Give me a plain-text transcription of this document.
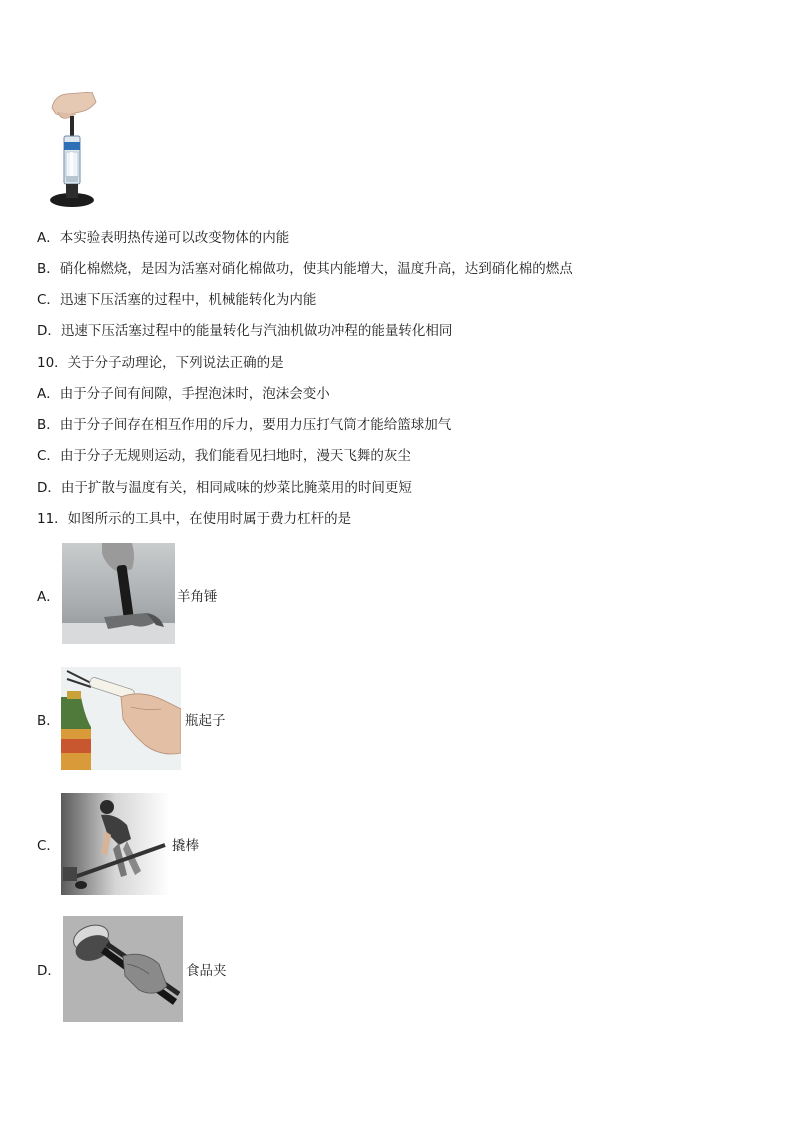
A．本实验表明热传递可以改变物体的内能
B．硝化棉燃烧，是因为活塞对硝化棉做功，使其内能增大，温度升高，达到硝化棉的燃点
C．迅速下压活塞的过程中，机械能转化为内能
D．迅速下压活塞过程中的能量转化与汽油机做功冲程的能量转化相同
10．关于分子动理论，下列说法正确的是
A．由于分子间有间隙，手捏泡沫时，泡沫会变小
B．由于分子间存在相互作用的斥力，要用力压打气筒才能给篮球加气
C．由于分子无规则运动，我们能看见扫地时，漫天飞舞的灰尘
D．由于扩散与温度有关，相同咸味的炒菜比腌菜用的时间更短
11．如图所示的工具中，在使用时属于费力杠杆的是
A．	羊角锤
B．	瓶起子
C．	撬棒
D．	食品夹
